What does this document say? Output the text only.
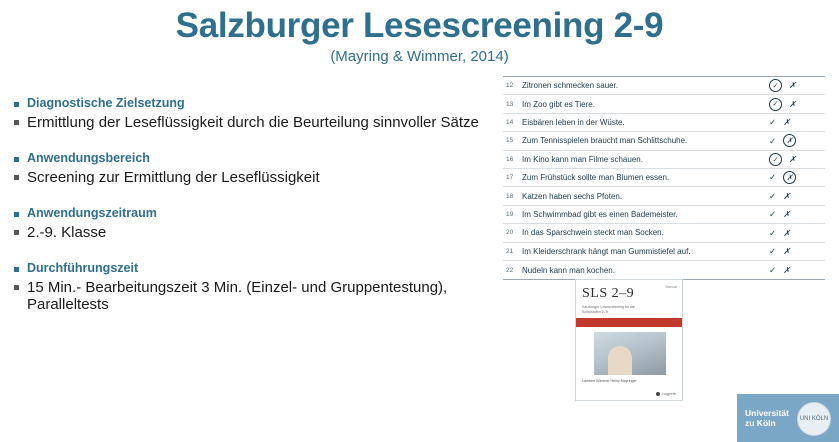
Salzburger Lesescreening 2-9
(Mayring & Wimmer, 2014)
Diagnostische Zielsetzung
Ermittlung der Leseflüssigkeit durch die Beurteilung sinnvoller Sätze
Anwendungsbereich
Screening zur Ermittlung der Leseflüssigkeit
Anwendungszeitraum
2.-9. Klasse
Durchführungszeit
15 Min.- Bearbeitungszeit 3 Min. (Einzel- und Gruppentestung), Paralleltests
12	Zitronen schmecken sauer.	✓	✗
13	Im Zoo gibt es Tiere.	✓	✗
14	Eisbären leben in der Wüste.	✓ ✗
15	Zum Tennisspielen braucht man Schlittschuhe.	✓	✗
16	Im Kino kann man Filme schauen.	✓	✗
17	Zum Frühstück sollte man Blumen essen.	✓	✗
18	Katzen haben sechs Pfoten.	✓ ✗
19	Im Schwimmbad gibt es einen Bademeister.	✓ ✗
20	In das Sparschwein steckt man Socken.	✓ ✗
21	Im Kleiderschrank hängt man Gummistiefel auf.	✓ ✗
22	Nudeln kann man kochen.	✓ ✗
SLS 2–9	Manual
Salzburger Lesescreening für die Schulstufen 2–9
Lambert Wimmer Heinz Mayringer
hogrefe
Universität
zu Köln	UNI KÖLN
